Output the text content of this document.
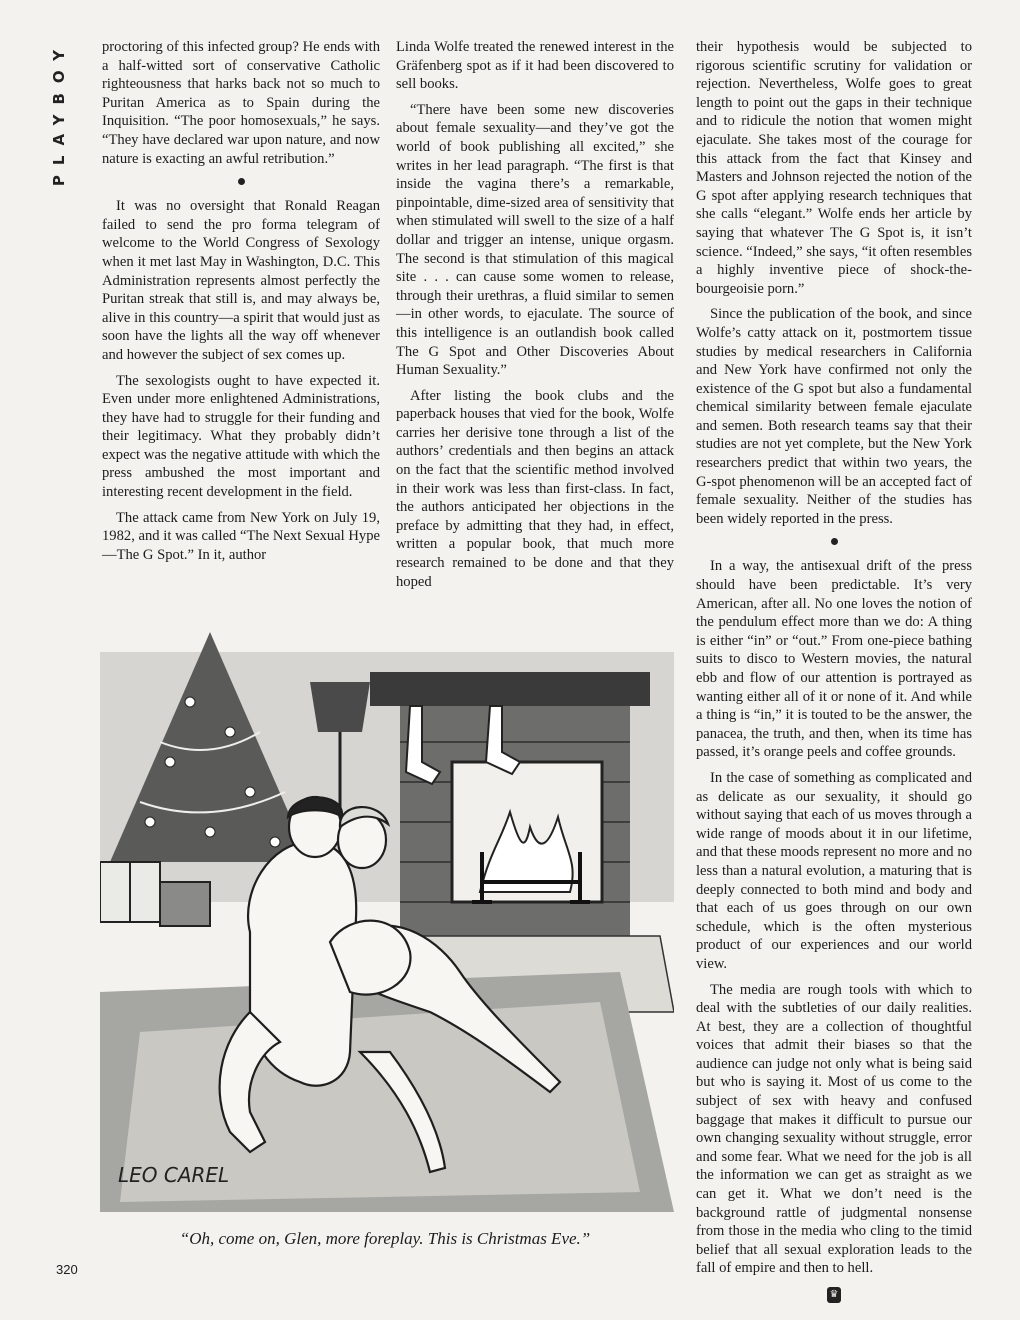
PLAYBOY	proctoring of this infected group? He ends with a half-witted sort of conservative Catholic righteousness that harks back not so much to Puritan America as to Spain during the Inquisition. “The poor homosexuals,” he says. “They have declared war upon nature, and now nature is exacting an awful retribution.”

It was no oversight that Ronald Reagan failed to send the pro forma telegram of welcome to the World Congress of Sexology when it met last May in Washington, D.C. This Administration represents almost perfectly the Puritan streak that still is, and may always be, alive in this country—a spirit that would just as soon have the lights all the way off whenever and however the subject of sex comes up.

The sexologists ought to have expected it. Even under more enlightened Administrations, they have had to struggle for their funding and their legitimacy. What they probably didn’t expect was the negative attitude with which the press ambushed the most important and interesting recent development in the field.

The attack came from New York on July 19, 1982, and it was called “The Next Sexual Hype—The G Spot.” In it, author

Linda Wolfe treated the renewed interest in the Gräfenberg spot as if it had been discovered to sell books.

“There have been some new discoveries about female sexuality—and they’ve got the world of book publishing all excited,” she writes in her lead paragraph. “The first is that inside the vagina there’s a remarkable, pinpointable, dime-sized area of sensitivity that when stimulated will swell to the size of a half dollar and trigger an intense, unique orgasm. The second is that stimulation of this magical site . . . can cause some women to release, through their urethras, a fluid similar to semen—in other words, to ejaculate. The source of this intelligence is an outlandish book called The G Spot and Other Discoveries About Human Sexuality.”

After listing the book clubs and the paperback houses that vied for the book, Wolfe carries her derisive tone through a list of the authors’ credentials and then begins an attack on the fact that the scientific method involved in their work was less than first-class. In fact, the authors anticipated her objections in the preface by admitting that they had, in effect, written a popular book, that much more research remained to be done and that they hoped

their hypothesis would be subjected to rigorous scientific scrutiny for validation or rejection. Nevertheless, Wolfe goes to great length to point out the gaps in their technique and to ridicule the notion that women might ejaculate. She takes most of the courage for this attack from the fact that Kinsey and Masters and Johnson rejected the notion of the G spot after applying research techniques that she calls “elegant.” Wolfe ends her article by saying that whatever The G Spot is, it isn’t science. “Indeed,” she says, “it often resembles a highly inventive piece of shock-the-bourgeoisie porn.”

Since the publication of the book, and since Wolfe’s catty attack on it, postmortem tissue studies by medical researchers in California and New York have confirmed not only the existence of the G spot but also a fundamental chemical similarity between female ejaculate and semen. Both research teams say that their studies are not yet complete, but the New York researchers predict that within two years, the G-spot phenomenon will be an accepted fact of female sexuality. Neither of the studies has been widely reported in the press.

In a way, the antisexual drift of the press should have been predictable. It’s very American, after all. No one loves the notion of the pendulum effect more than we do: A thing is either “in” or “out.” From one-piece bathing suits to disco to Western movies, the natural ebb and flow of our attention is portrayed as wanting either all of it or none of it. And while a thing is “in,” it is touted to be the answer, the panacea, the truth, and then, when its time has passed, it’s orange peels and coffee grounds.

In the case of something as complicated and as delicate as our sexuality, it should go without saying that each of us moves through a wide range of moods about it in our lifetime, and that these moods represent no more and no less than a natural evolution, a maturing that is deeply connected to both mind and body and that each of us goes through on our own schedule, which is the often mysterious product of our experiences and our world view.

The media are rough tools with which to deal with the subtleties of our daily realities. At best, they are a collection of thoughtful voices that admit their biases so that the audience can judge not only what is being said but who is saying it. Most of us come to the subject of sex with heavy and confused baggage that makes it difficult to pursue our own changing sexuality without struggle, error and some fear. What we need for the job is all the information we can get as straight as we can get it. What we don’t need is the background rattle of judgmental nonsense from those in the media who cling to the timid belief that all sexual exploration leads to the fall of empire and then to hell.

♛
LEO CAREL
“Oh, come on, Glen, more foreplay. This is Christmas Eve.”
320
